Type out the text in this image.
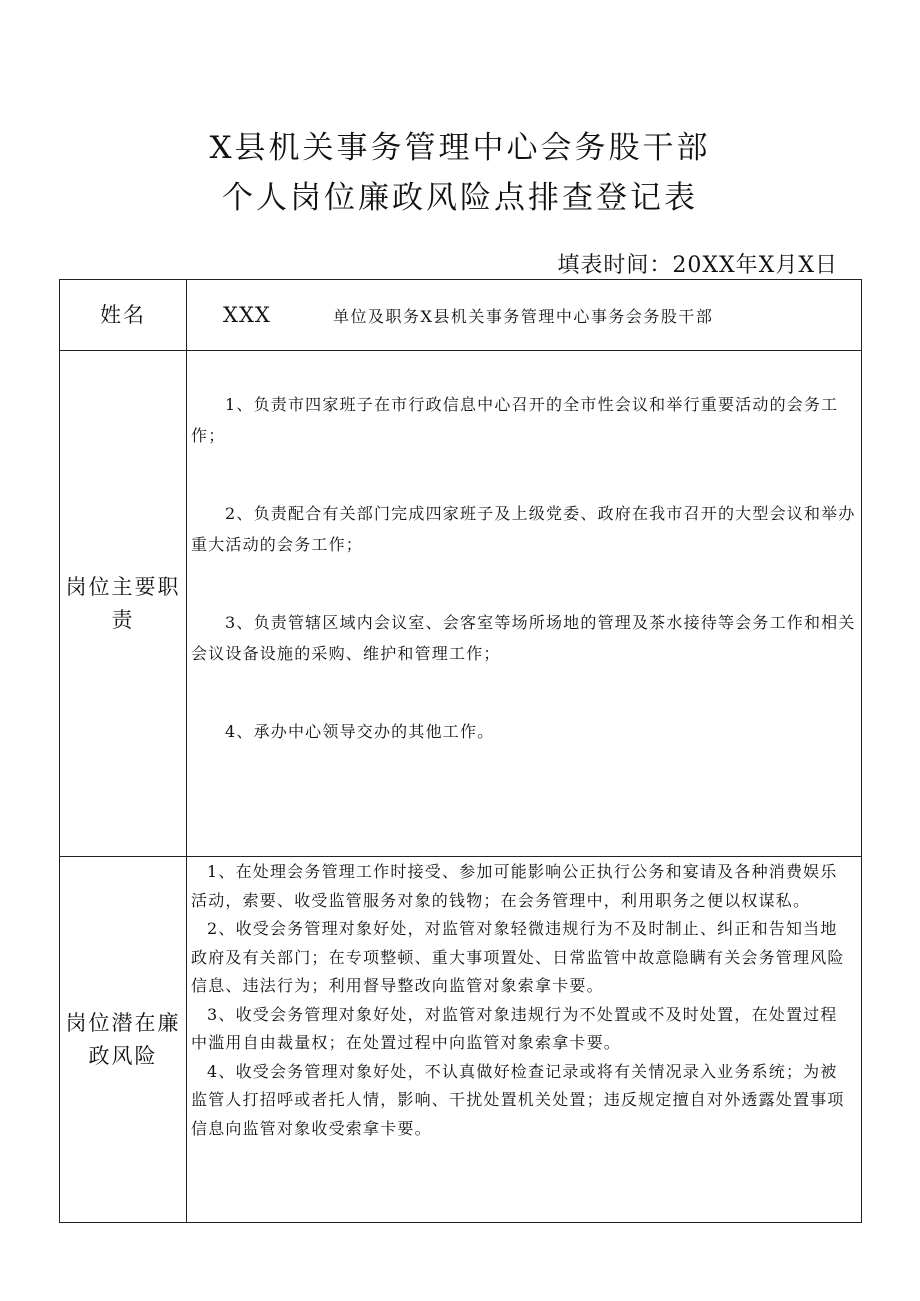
X县机关事务管理中心会务股干部
个人岗位廉政风险点排查登记表
填表时间：20XX年X月X日
姓名	XXX 单位及职务 X县机关事务管理中心事务会务股干部

岗位主要职责	1、负责市四家班子在市行政信息中心召开的全市性会议和举行重要活动的会务工作；

2、负责配合有关部门完成四家班子及上级党委、政府在我市召开的大型会议和举办重大活动的会务工作；

3、负责管辖区域内会议室、会客室等场所场地的管理及茶水接待等会务工作和相关会议设备设施的采购、维护和管理工作；

4、承办中心领导交办的其他工作。

岗位潜在廉政风险	1、在处理会务管理工作时接受、参加可能影响公正执行公务和宴请及各种消费娱乐活动，索要、收受监管服务对象的钱物；在会务管理中，利用职务之便以权谋私。

2、收受会务管理对象好处，对监管对象轻微违规行为不及时制止、纠正和告知当地政府及有关部门；在专项整顿、重大事项置处、日常监管中故意隐瞒有关会务管理风险信息、违法行为；利用督导整改向监管对象索拿卡要。

3、收受会务管理对象好处，对监管对象违规行为不处置或不及时处置，在处置过程中滥用自由裁量权；在处置过程中向监管对象索拿卡要。

4、收受会务管理对象好处，不认真做好检查记录或将有关情况录入业务系统；为被监管人打招呼或者托人情，影响、干扰处置机关处置；违反规定擅自对外透露处置事项信息向监管对象收受索拿卡要。
